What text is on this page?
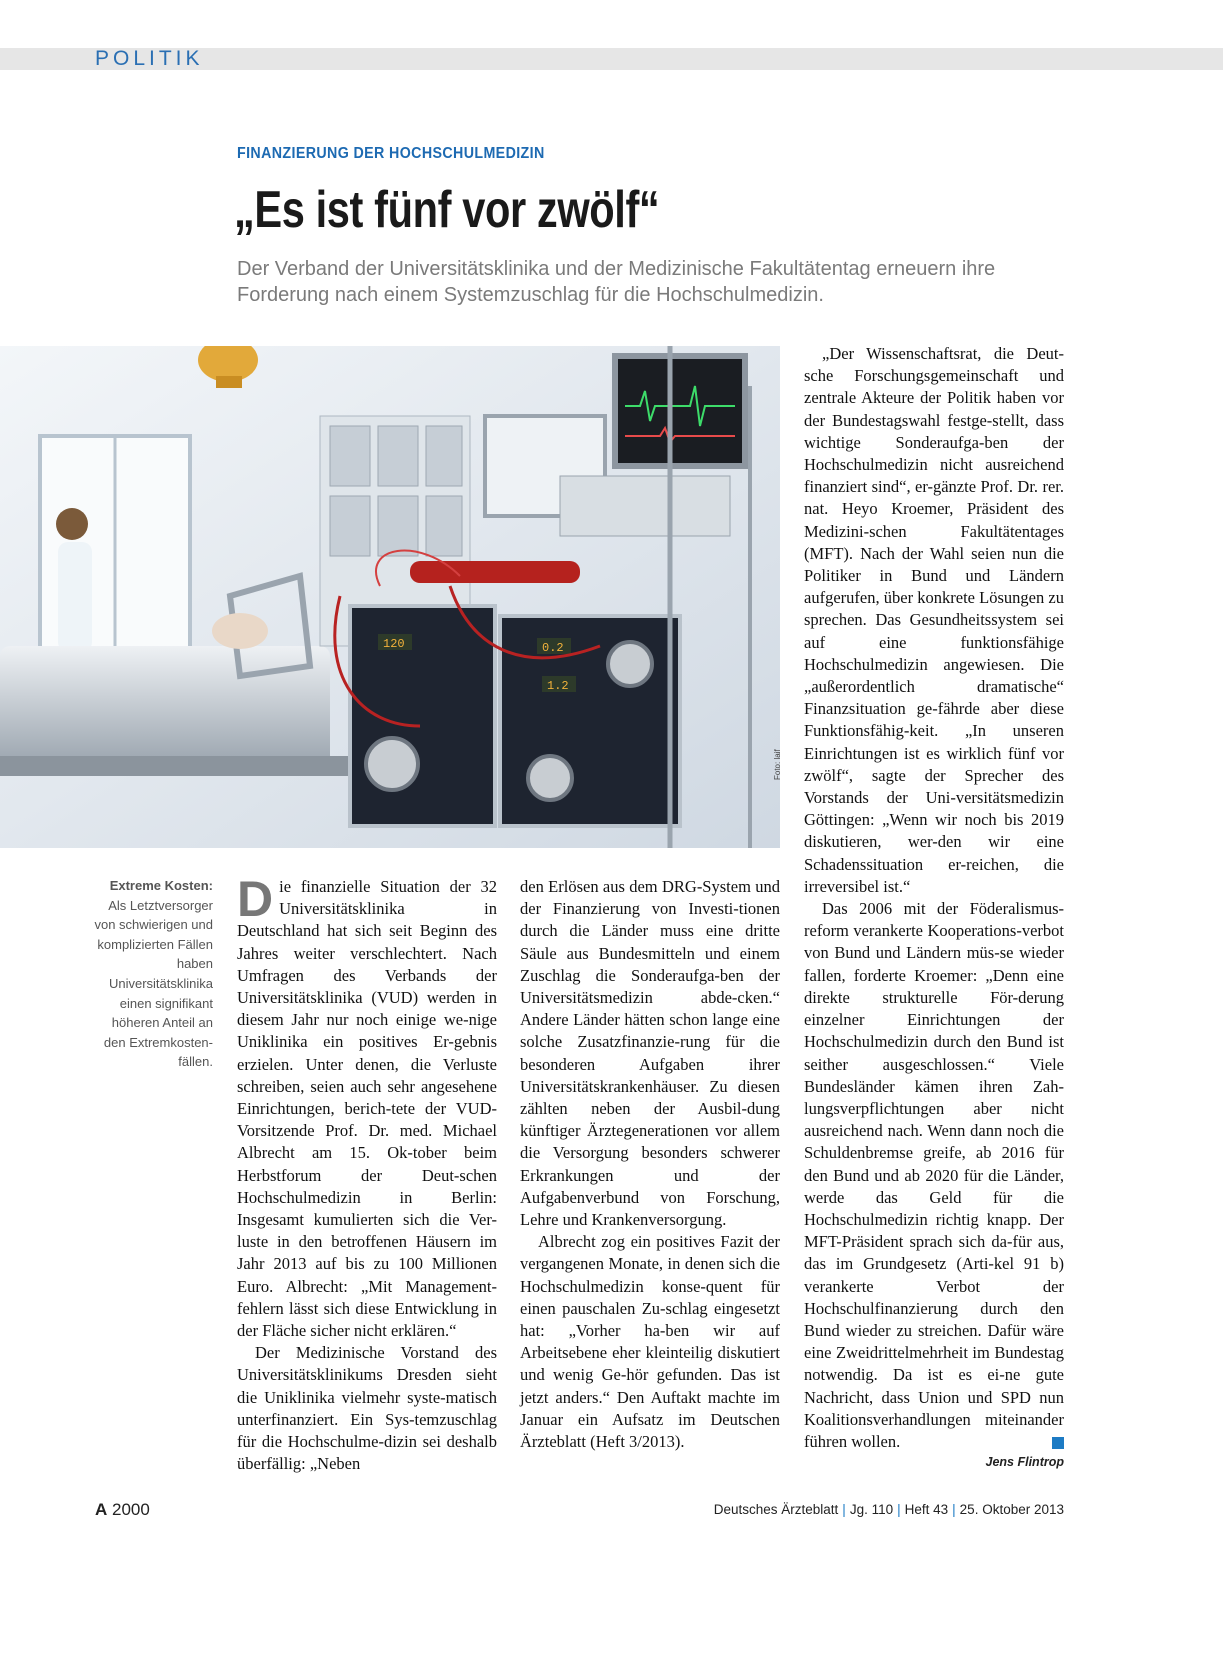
POLITIK
FINANZIERUNG DER HOCHSCHULMEDIZIN
„Es ist fünf vor zwölf“

Der Verband der Universitätsklinika und der Medizinische Fakultätentag erneuern ihre Forderung nach einem Systemzuschlag für die Hochschulmedizin.

120	0.2
1.2
Foto: laif
Extreme Kosten:
Als Letztversorger von schwierigen und komplizierten Fällen haben Universitätsklinika einen signifikant höheren Anteil an den Extremkosten-fällen.

Die finanzielle Situation der 32 Universitätsklinika in Deutschland hat sich seit Beginn des Jahres weiter verschlechtert. Nach Umfragen des Verbands der Universitätsklinika (VUD) werden in diesem Jahr nur noch einige we-nige Uniklinika ein positives Er-gebnis erzielen. Unter denen, die Verluste schreiben, seien auch sehr angesehene Einrichtungen, berich-tete der VUD-Vorsitzende Prof. Dr. med. Michael Albrecht am 15. Ok-tober beim Herbstforum der Deut-schen Hochschulmedizin in Berlin: Insgesamt kumulierten sich die Ver-luste in den betroffenen Häusern im Jahr 2013 auf bis zu 100 Millionen Euro. Albrecht: „Mit Management-fehlern lässt sich diese Entwicklung in der Fläche sicher nicht erklären.“

Der Medizinische Vorstand des Universitätsklinikums Dresden sieht die Uniklinika vielmehr syste-matisch unterfinanziert. Ein Sys-temzuschlag für die Hochschulme-dizin sei deshalb überfällig: „Neben

den Erlösen aus dem DRG-System und der Finanzierung von Investi-tionen durch die Länder muss eine dritte Säule aus Bundesmitteln und einem Zuschlag die Sonderaufga-ben der Universitätsmedizin abde-cken.“ Andere Länder hätten schon lange eine solche Zusatzfinanzie-rung für die besonderen Aufgaben ihrer Universitätskrankenhäuser. Zu diesen zählten neben der Ausbil-dung künftiger Ärztegenerationen vor allem die Versorgung besonders schwerer Erkrankungen und der Aufgabenverbund von Forschung, Lehre und Krankenversorgung.

Albrecht zog ein positives Fazit der vergangenen Monate, in denen sich die Hochschulmedizin konse-quent für einen pauschalen Zu-schlag eingesetzt hat: „Vorher ha-ben wir auf Arbeitsebene eher kleinteilig diskutiert und wenig Ge-hör gefunden. Das ist jetzt anders.“ Den Auftakt machte im Januar ein Aufsatz im Deutschen Ärzteblatt (Heft 3/2013).

„Der Wissenschaftsrat, die Deut-sche Forschungsgemeinschaft und zentrale Akteure der Politik haben vor der Bundestagswahl festge-stellt, dass wichtige Sonderaufga-ben der Hochschulmedizin nicht ausreichend finanziert sind“, er-gänzte Prof. Dr. rer. nat. Heyo Kroemer, Präsident des Medizini-schen Fakultätentages (MFT). Nach der Wahl seien nun die Politiker in Bund und Ländern aufgerufen, über konkrete Lösungen zu sprechen. Das Gesundheitssystem sei auf eine funktionsfähige Hochschulmedizin angewiesen. Die „außerordentlich dramatische“ Finanzsituation ge-fährde aber diese Funktionsfähig-keit. „In unseren Einrichtungen ist es wirklich fünf vor zwölf“, sagte der Sprecher des Vorstands der Uni-versitätsmedizin Göttingen: „Wenn wir noch bis 2019 diskutieren, wer-den wir eine Schadenssituation er-reichen, die irreversibel ist.“

Das 2006 mit der Föderalismus-reform verankerte Kooperations-verbot von Bund und Ländern müs-se wieder fallen, forderte Kroemer: „Denn eine direkte strukturelle För-derung einzelner Einrichtungen der Hochschulmedizin durch den Bund ist seither ausgeschlossen.“ Viele Bundesländer kämen ihren Zah-lungsverpflichtungen aber nicht ausreichend nach. Wenn dann noch die Schuldenbremse greife, ab 2016 für den Bund und ab 2020 für die Länder, werde das Geld für die Hochschulmedizin richtig knapp. Der MFT-Präsident sprach sich da-für aus, das im Grundgesetz (Arti-kel 91 b) verankerte Verbot der Hochschulfinanzierung durch den Bund wieder zu streichen. Dafür wäre eine Zweidrittelmehrheit im Bundestag notwendig. Da ist es ei-ne gute Nachricht, dass Union und SPD nun Koalitionsverhandlungen miteinander führen wollen.

Jens Flintrop
A 2000	Deutsches Ärzteblatt | Jg. 110 | Heft 43 | 25. Oktober 2013
